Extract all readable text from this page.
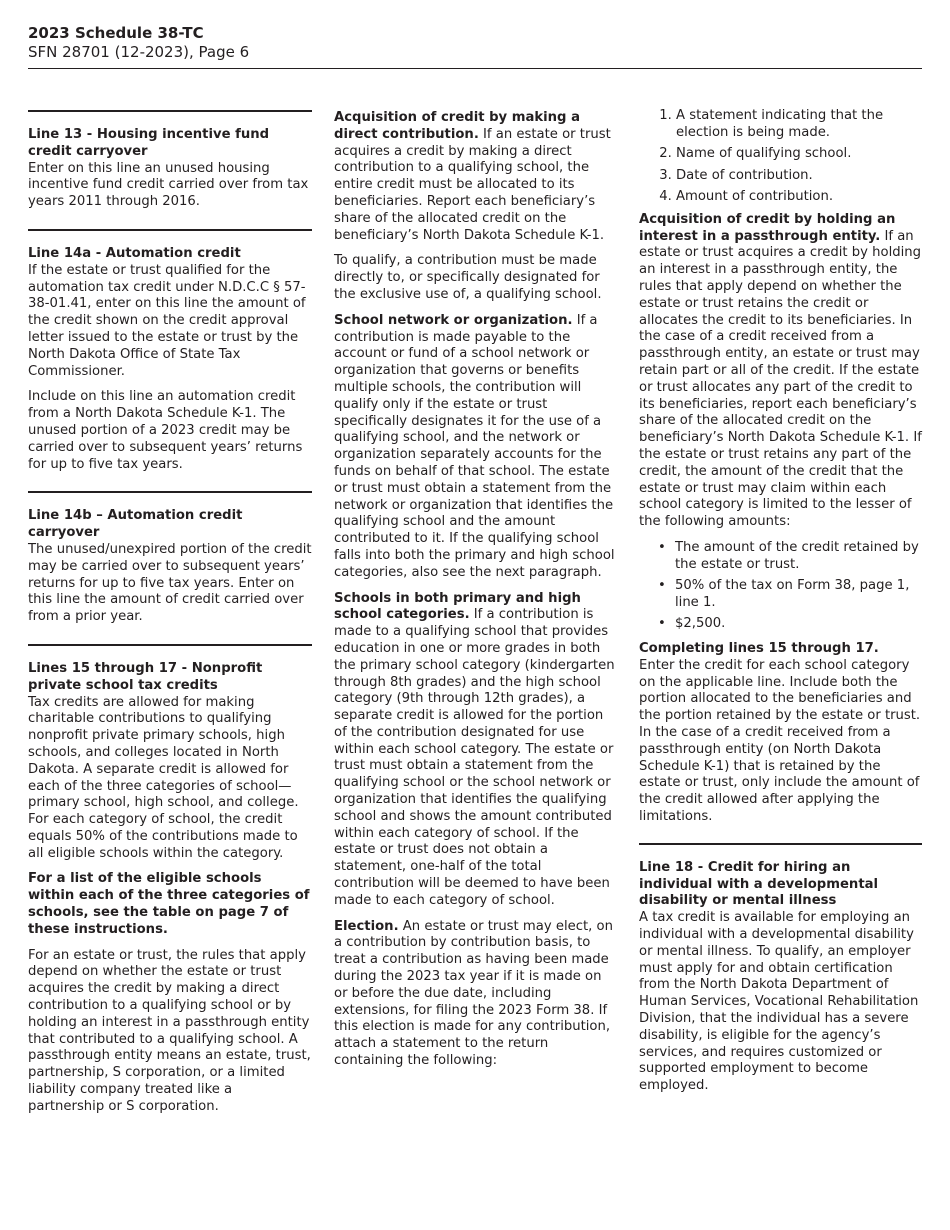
2023 Schedule 38-TC
SFN 28701 (12-2023), Page 6
Line 13 - Housing incentive fund credit carryover

Enter on this line an unused housing incentive fund credit carried over from tax years 2011 through 2016.

Line 14a - Automation credit

If the estate or trust qualified for the automation tax credit under N.D.C.C § 57-38-01.41, enter on this line the amount of the credit shown on the credit approval letter issued to the estate or trust by the North Dakota Office of State Tax Commissioner.

Include on this line an automation credit from a North Dakota Schedule K-1. The unused portion of a 2023 credit may be carried over to subsequent years’ returns for up to five tax years.

Line 14b – Automation credit carryover

The unused/unexpired portion of the credit may be carried over to subsequent years’ returns for up to five tax years. Enter on this line the amount of credit carried over from a prior year.

Lines 15 through 17 - Nonprofit private school tax credits

Tax credits are allowed for making charitable contributions to qualifying nonprofit private primary schools, high schools, and colleges located in North Dakota. A separate credit is allowed for each of the three categories of school—primary school, high school, and college. For each category of school, the credit equals 50% of the contributions made to all eligible schools within the category.

For a list of the eligible schools within each of the three categories of schools, see the table on page 7 of these instructions.

For an estate or trust, the rules that apply depend on whether the estate or trust acquires the credit by making a direct contribution to a qualifying school or by holding an interest in a passthrough entity that contributed to a qualifying school. A passthrough entity means an estate, trust, partnership, S corporation, or a limited liability company treated like a partnership or S corporation.

Acquisition of credit by making a direct contribution. If an estate or trust acquires a credit by making a direct contribution to a qualifying school, the entire credit must be allocated to its beneficiaries. Report each beneficiary’s share of the allocated credit on the beneficiary’s North Dakota Schedule K-1.

To qualify, a contribution must be made directly to, or specifically designated for the exclusive use of, a qualifying school.

School network or organization. If a contribution is made payable to the account or fund of a school network or organization that governs or benefits multiple schools, the contribution will qualify only if the estate or trust specifically designates it for the use of a qualifying school, and the network or organization separately accounts for the funds on behalf of that school. The estate or trust must obtain a statement from the network or organization that identifies the qualifying school and the amount contributed to it. If the qualifying school falls into both the primary and high school categories, also see the next paragraph.

Schools in both primary and high school categories. If a contribution is made to a qualifying school that provides education in one or more grades in both the primary school category (kindergarten through 8th grades) and the high school category (9th through 12th grades), a separate credit is allowed for the portion of the contribution designated for use within each school category. The estate or trust must obtain a statement from the qualifying school or the school network or organization that identifies the qualifying school and shows the amount contributed within each category of school. If the estate or trust does not obtain a statement, one-half of the total contribution will be deemed to have been made to each category of school.

Election. An estate or trust may elect, on a contribution by contribution basis, to treat a contribution as having been made during the 2023 tax year if it is made on or before the due date, including extensions, for filing the 2023 Form 38. If this election is made for any contribution, attach a statement to the return containing the following:

1. A statement indicating that the election is being made.
2. Name of qualifying school.
3. Date of contribution.
4. Amount of contribution.

Acquisition of credit by holding an interest in a passthrough entity. If an estate or trust acquires a credit by holding an interest in a passthrough entity, the rules that apply depend on whether the estate or trust retains the credit or allocates the credit to its beneficiaries. In the case of a credit received from a passthrough entity, an estate or trust may retain part or all of the credit. If the estate or trust allocates any part of the credit to its beneficiaries, report each beneficiary’s share of the allocated credit on the beneficiary’s North Dakota Schedule K-1. If the estate or trust retains any part of the credit, the amount of the credit that the estate or trust may claim within each school category is limited to the lesser of the following amounts:

• The amount of the credit retained by the estate or trust.
• 50% of the tax on Form 38, page 1, line 1.
• $2,500.

Completing lines 15 through 17.
Enter the credit for each school category on the applicable line. Include both the portion allocated to the beneficiaries and the portion retained by the estate or trust. In the case of a credit received from a passthrough entity (on North Dakota Schedule K-1) that is retained by the estate or trust, only include the amount of the credit allowed after applying the limitations.

Line 18 - Credit for hiring an individual with a developmental disability or mental illness

A tax credit is available for employing an individual with a developmental disability or mental illness. To qualify, an employer must apply for and obtain certification from the North Dakota Department of Human Services, Vocational Rehabilitation Division, that the individual has a severe disability, is eligible for the agency’s services, and requires customized or supported employment to become employed.
